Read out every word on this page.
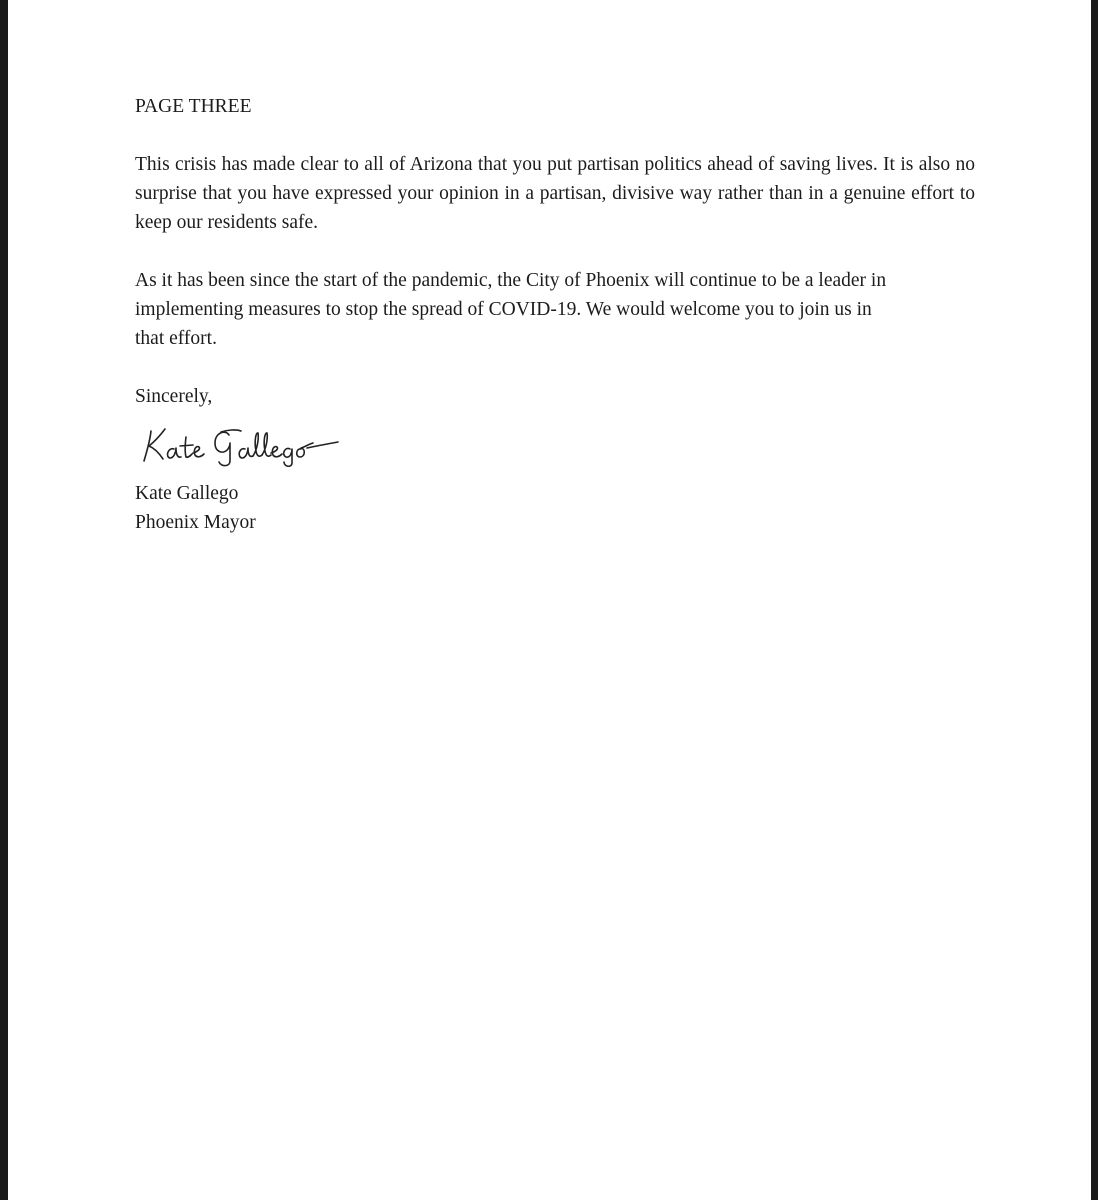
PAGE THREE

This crisis has made clear to all of Arizona that you put partisan politics ahead of saving lives. It is also no surprise that you have expressed your opinion in a partisan, divisive way rather than in a genuine effort to keep our residents safe.

As it has been since the start of the pandemic, the City of Phoenix will continue to be a leader in
implementing measures to stop the spread of COVID-19. We would welcome you to join us in
that effort.

Sincerely,

Kate Gallego
Phoenix Mayor
